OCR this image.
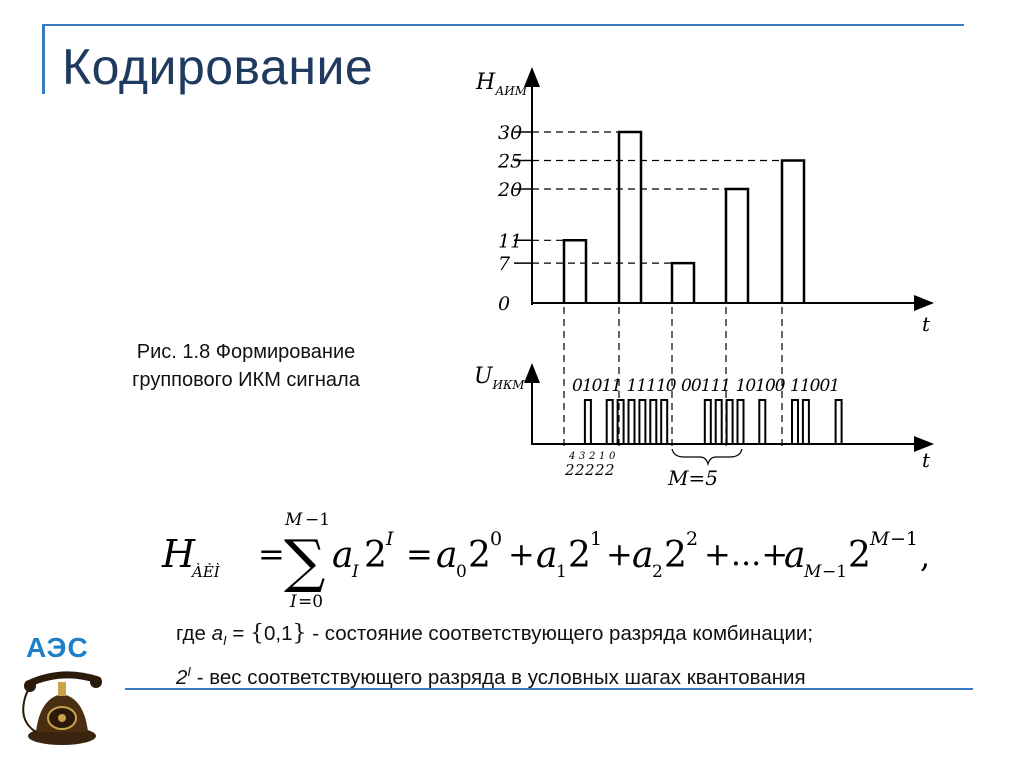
Кодирование
Рис. 1.8 Формирование
группового ИКМ сигнала
$H_{АИМ}$
t
30
25
20
11
7
0
$U_{ИКМ}$
t
01011 11110 00111 10100 11001
4
2
3
2
2
2
1
2
0
2	M=5
H
ÀÈÌ =
M −1
∑
I =0
a
I 2 I = a
0 2 0 + a
1 2 1 + a
2 2 2 +...+
a
M −1 2 M −1 ,
где $a_I = \{0,1\}$ - состояние соответствующего разряда комбинации;
$2^I$ - вес соответствующего разряда в условных шагах квантования
АЭС
